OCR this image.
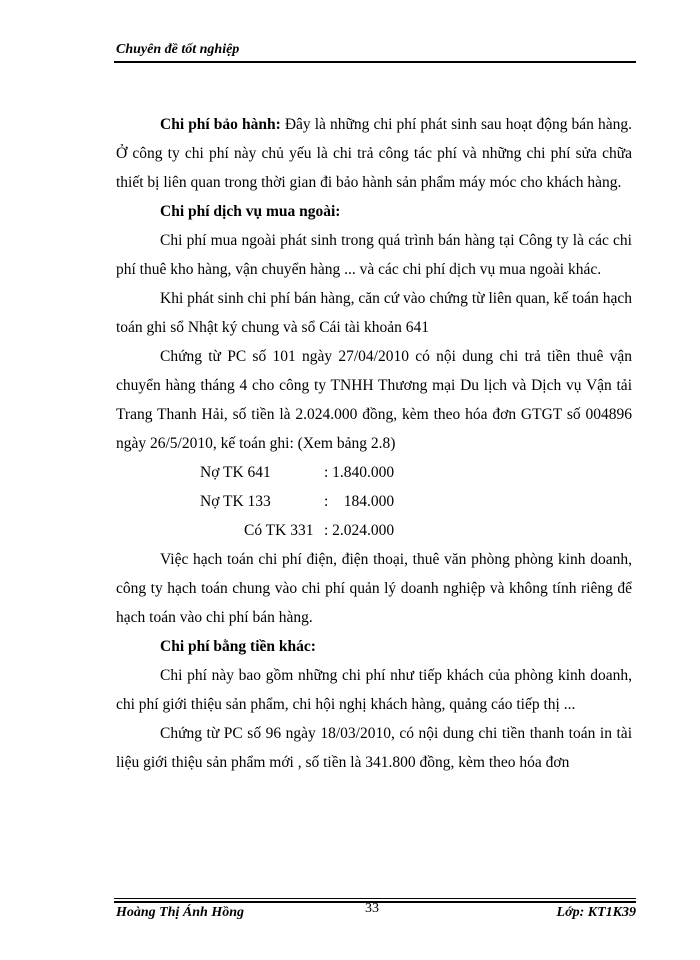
Chuyên đề tốt nghiệp

Chi phí bảo hành: Đây là những chi phí phát sinh sau hoạt động bán hàng. Ở công ty chi phí này chủ yếu là chi trả công tác phí và những chi phí sửa chữa thiết bị liên quan trong thời gian đi bảo hành sản phẩm máy móc cho khách hàng.

Chi phí dịch vụ mua ngoài:

Chi phí mua ngoài phát sinh trong quá trình bán hàng tại Công ty là các chi phí thuê kho hàng, vận chuyển hàng ... và các chi phí dịch vụ mua ngoài khác.

Khi phát sinh chi phí bán hàng, căn cứ vào chứng từ liên quan, kế toán hạch toán ghi sổ Nhật ký chung và sổ Cái tài khoản 641

Chứng từ PC số 101 ngày 27/04/2010 có nội dung chi trả tiền thuê vận chuyển hàng tháng 4 cho công ty TNHH Thương mại Du lịch và Dịch vụ Vận tải Trang Thanh Hải, số tiền là 2.024.000 đồng, kèm theo hóa đơn GTGT số 004896 ngày 26/5/2010, kế toán ghi: (Xem bảng 2.8)

Nợ TK 641	: 1.840.000
Nợ TK 133	:    184.000
Có TK 331 : 2.024.000

Việc hạch toán chi phí điện, điện thoại, thuê văn phòng phòng kinh doanh, công ty hạch toán chung vào chi phí quản lý doanh nghiệp và không tính riêng để hạch toán vào chi phí bán hàng.

Chi phí bằng tiền khác:

Chi phí này bao gồm những chi phí như tiếp khách của phòng kinh doanh, chi phí giới thiệu sản phẩm, chi hội nghị khách hàng, quảng cáo tiếp thị ...

Chứng từ PC số 96 ngày 18/03/2010, có nội dung chi tiền thanh toán in tài liệu giới thiệu sản phẩm mới , số tiền là 341.800 đồng, kèm theo hóa đơn

Hoàng Thị Ánh Hồng	33	Lớp: KT1K39
